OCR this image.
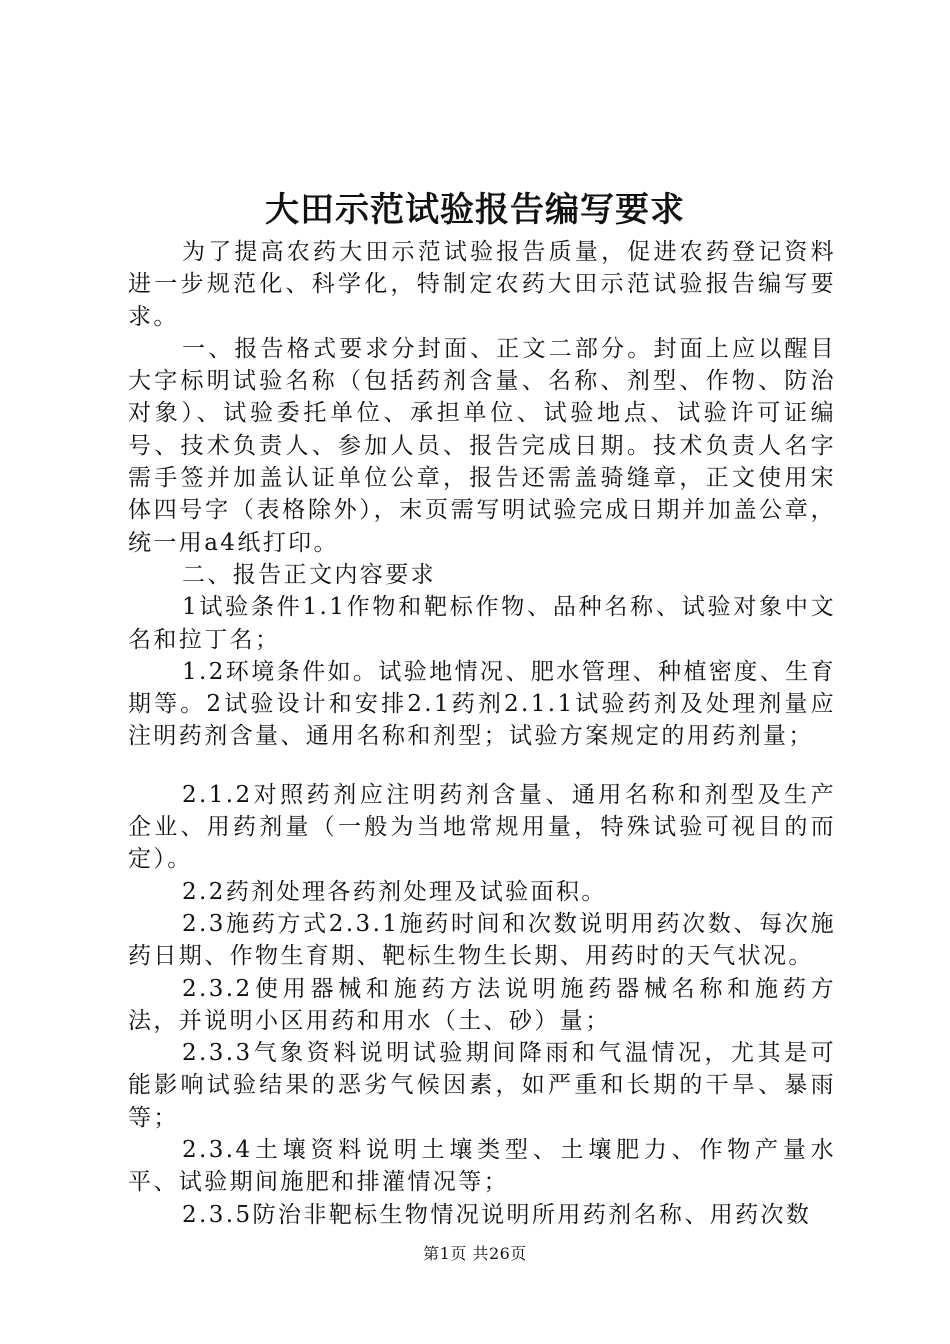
大田示范试验报告编写要求

为了提高农药大田示范试验报告质量，促进农药登记资料进一步规范化、科学化，特制定农药大田示范试验报告编写要求。

一、报告格式要求分封面、正文二部分。封面上应以醒目大字标明试验名称（包括药剂含量、名称、剂型、作物、防治对象）、试验委托单位、承担单位、试验地点、试验许可证编号、技术负责人、参加人员、报告完成日期。技术负责人名字需手签并加盖认证单位公章，报告还需盖骑缝章，正文使用宋体四号字（表格除外），末页需写明试验完成日期并加盖公章，统一用a4纸打印。

二、报告正文内容要求

1试验条件1.1作物和靶标作物、品种名称、试验对象中文名和拉丁名；

1.2环境条件如。试验地情况、肥水管理、种植密度、生育期等。2试验设计和安排2.1药剂2.1.1试验药剂及处理剂量应注明药剂含量、通用名称和剂型；试验方案规定的用药剂量；

2.1.2对照药剂应注明药剂含量、通用名称和剂型及生产企业、用药剂量（一般为当地常规用量，特殊试验可视目的而定）。

2.2药剂处理各药剂处理及试验面积。

2.3施药方式2.3.1施药时间和次数说明用药次数、每次施药日期、作物生育期、靶标生物生长期、用药时的天气状况。

2.3.2使用器械和施药方法说明施药器械名称和施药方法，并说明小区用药和用水（土、砂）量；

2.3.3气象资料说明试验期间降雨和气温情况，尤其是可能影响试验结果的恶劣气候因素，如严重和长期的干旱、暴雨等；

2.3.4土壤资料说明土壤类型、土壤肥力、作物产量水平、试验期间施肥和排灌情况等；

2.3.5防治非靶标生物情况说明所用药剂名称、用药次数

第1页 共26页
